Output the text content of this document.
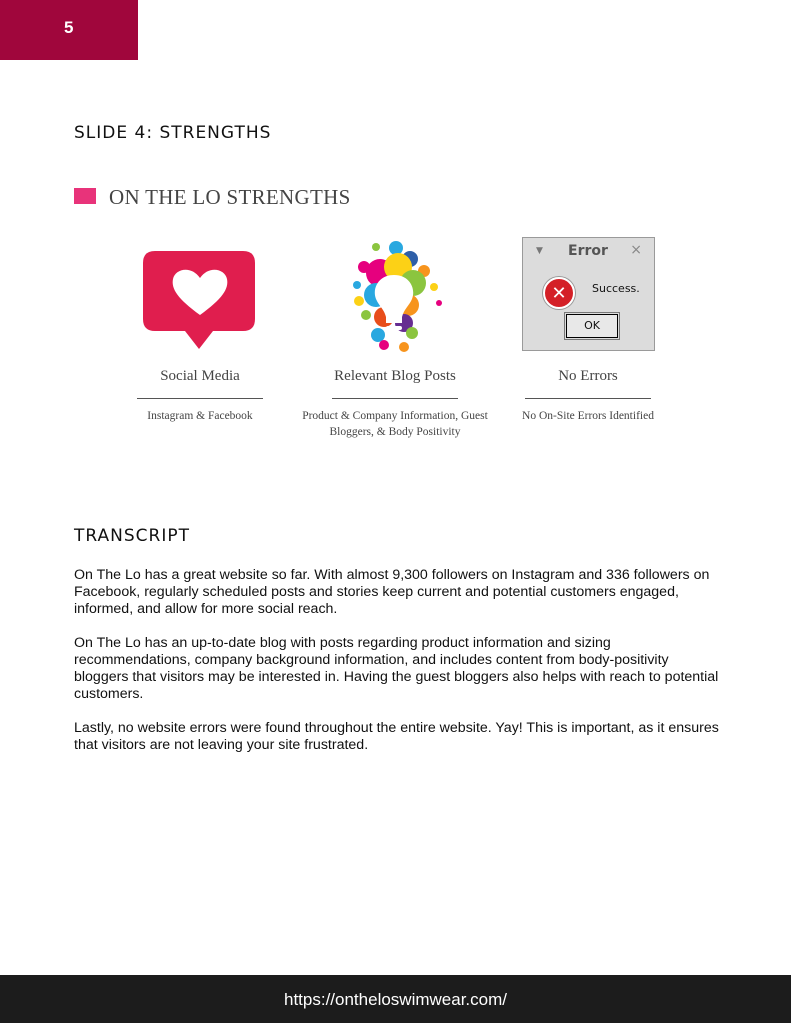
5
SLIDE 4: STRENGTHS
ON THE LO STRENGTHS
Social Media
Instagram & Facebook
Relevant Blog Posts
Product & Company Information, Guest Bloggers, & Body Positivity
▼ Error ×
✕	Success.
OK
No Errors
No On-Site Errors Identified
TRANSCRIPT

On The Lo has a great website so far. With almost 9,300 followers on Instagram and 336 followers on Facebook, regularly scheduled posts and stories keep current and potential customers engaged, informed, and allow for more social reach.

On The Lo has an up-to-date blog with posts regarding product information and sizing recommendations, company background information, and includes content from body-positivity bloggers that visitors may be interested in. Having the guest bloggers also helps with reach to potential customers.

Lastly, no website errors were found throughout the entire website. Yay! This is important, as it ensures that visitors are not leaving your site frustrated.

https://ontheloswimwear.com/
